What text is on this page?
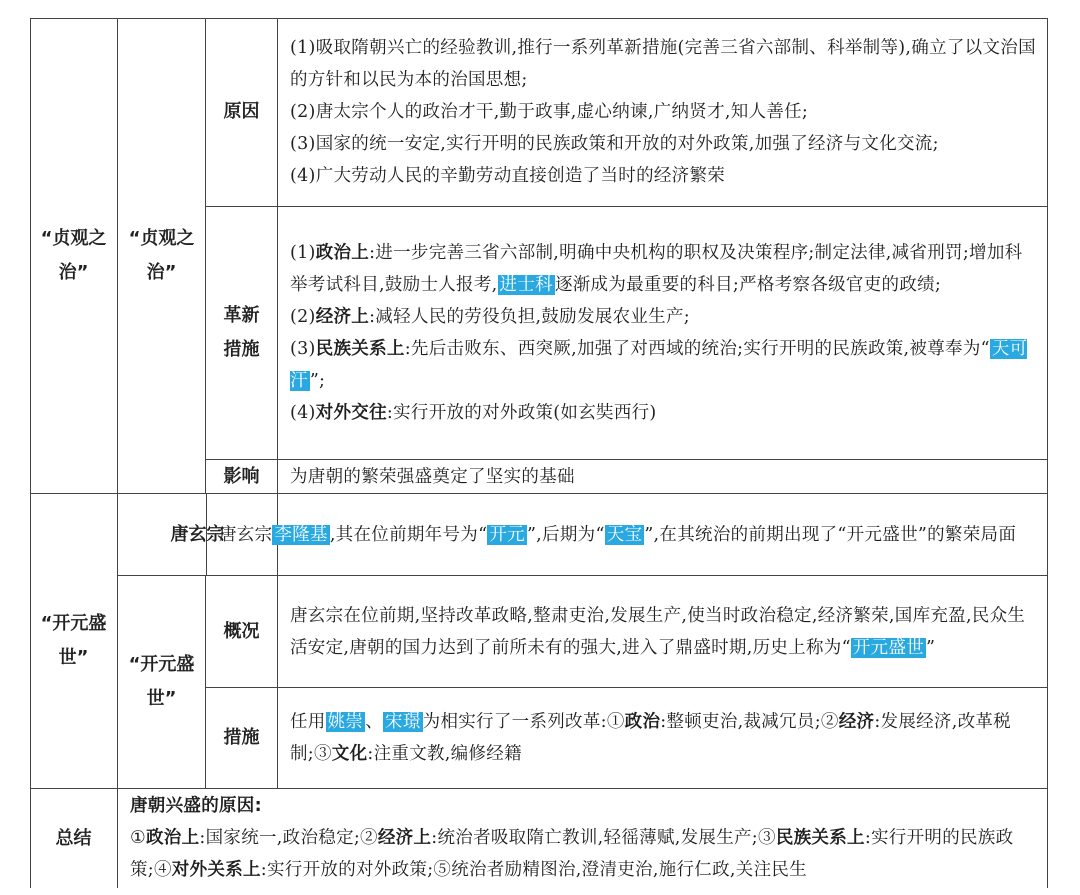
“贞观之治”
“贞观之治”
原因

(1)吸取隋朝兴亡的经验教训,推行一系列革新措施(完善三省六部制、科举制等),确立了以文治国的方针和以民为本的治国思想;

(2)唐太宗个人的政治才干,勤于政事,虚心纳谏,广纳贤才,知人善任;

(3)国家的统一安定,实行开明的民族政策和开放的对外政策,加强了经济与文化交流;

(4)广大劳动人民的辛勤劳动直接创造了当时的经济繁荣

革新措施

(1)政治上:进一步完善三省六部制,明确中央机构的职权及决策程序;制定法律,减省刑罚;增加科举考试科目,鼓励士人报考, 进士科 逐渐成为最重要的科目;严格考察各级官吏的政绩;

(2)经济上:减轻人民的劳役负担,鼓励发展农业生产;

(3)民族关系上:先后击败东、西突厥,加强了对西域的统治;实行开明的民族政策,被尊奉为“ 天可汗 ”;

(4)对外交往:实行开放的对外政策(如玄奘西行)

影响	为唐朝的繁荣强盛奠定了坚实的基础

“开元盛世”
唐玄宗

唐玄宗 李隆基 ,其在位前期年号为“ 开元 ”,后期为“ 天宝 ”,在其统治的前期出现了“开元盛世”的繁荣局面

“开元盛世”
概况

唐玄宗在位前期,坚持改革政略,整肃吏治,发展生产,使当时政治稳定,经济繁荣,国库充盈,民众生活安定,唐朝的国力达到了前所未有的强大,进入了鼎盛时期,历史上称为“ 开元盛世 ”

措施

任用 姚崇 、 宋璟 为相实行了一系列改革:①政治:整顿吏治,裁减冗员;②经济:发展经济,改革税制;③文化:注重文教,编修经籍

总结

唐朝兴盛的原因:

①政治上:国家统一,政治稳定;②经济上:统治者吸取隋亡教训,轻徭薄赋,发展生产;③民族关系上:实行开明的民族政策;④对外关系上:实行开放的对外政策;⑤统治者励精图治,澄清吏治,施行仁政,关注民生
